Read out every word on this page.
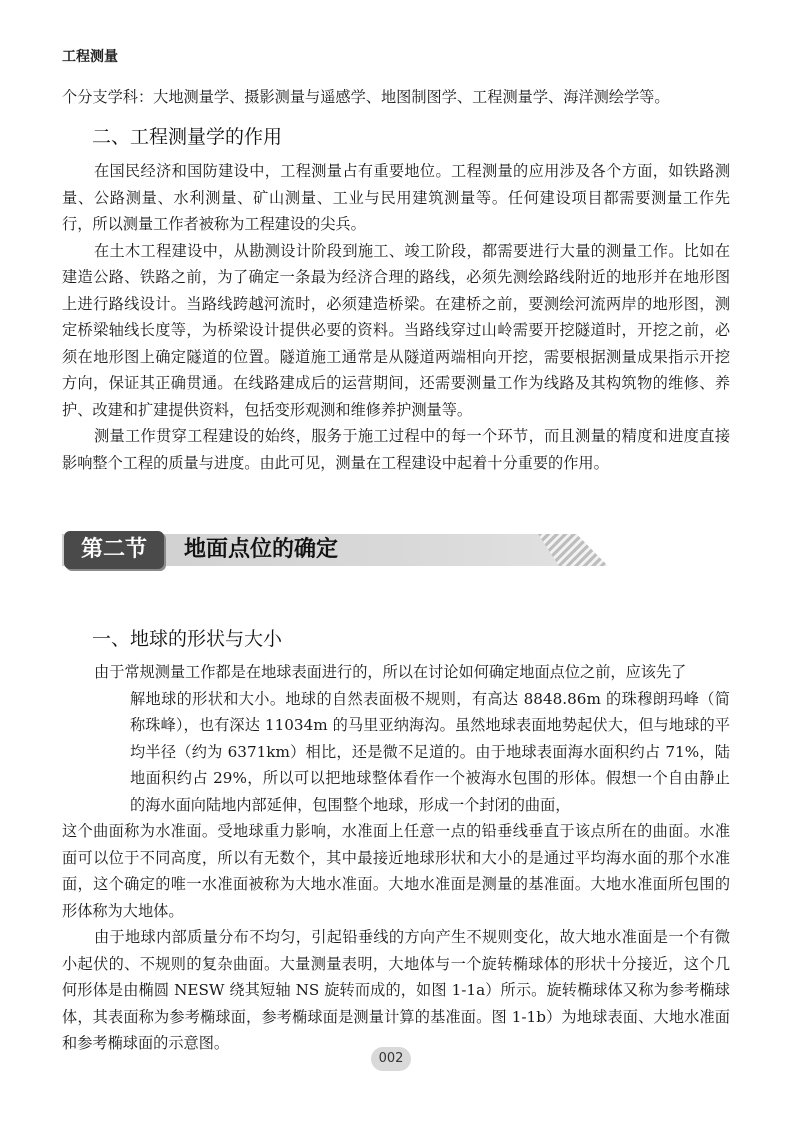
工程测量

个分支学科：大地测量学、摄影测量与遥感学、地图制图学、工程测量学、海洋测绘学等。

二、工程测量学的作用

在国民经济和国防建设中，工程测量占有重要地位。工程测量的应用涉及各个方面，如铁路测量、公路测量、水利测量、矿山测量、工业与民用建筑测量等。任何建设项目都需要测量工作先行，所以测量工作者被称为工程建设的尖兵。

在土木工程建设中，从勘测设计阶段到施工、竣工阶段，都需要进行大量的测量工作。比如在建造公路、铁路之前，为了确定一条最为经济合理的路线，必须先测绘路线附近的地形并在地形图上进行路线设计。当路线跨越河流时，必须建造桥梁。在建桥之前，要测绘河流两岸的地形图，测定桥梁轴线长度等，为桥梁设计提供必要的资料。当路线穿过山岭需要开挖隧道时，开挖之前，必须在地形图上确定隧道的位置。隧道施工通常是从隧道两端相向开挖，需要根据测量成果指示开挖方向，保证其正确贯通。在线路建成后的运营期间，还需要测量工作为线路及其构筑物的维修、养护、改建和扩建提供资料，包括变形观测和维修养护测量等。

测量工作贯穿工程建设的始终，服务于施工过程中的每一个环节，而且测量的精度和进度直接影响整个工程的质量与进度。由此可见，测量在工程建设中起着十分重要的作用。

第二节	地面点位的确定
一、地球的形状与大小

由于常规测量工作都是在地球表面进行的，所以在讨论如何确定地面点位之前，应该先了

解地球的形状和大小。地球的自然表面极不规则，有高达 8848.86m 的珠穆朗玛峰（简称珠峰），也有深达 11034m 的马里亚纳海沟。虽然地球表面地势起伏大，但与地球的平均半径（约为 6371km）相比，还是微不足道的。由于地球表面海水面积约占 71%，陆地面积约占 29%，所以可以把地球整体看作一个被海水包围的形体。假想一个自由静止的海水面向陆地内部延伸，包围整个地球，形成一个封闭的曲面，

这个曲面称为水准面。受地球重力影响，水准面上任意一点的铅垂线垂直于该点所在的曲面。水准面可以位于不同高度，所以有无数个，其中最接近地球形状和大小的是通过平均海水面的那个水准面，这个确定的唯一水准面被称为大地水准面。大地水准面是测量的基准面。大地水准面所包围的形体称为大地体。

由于地球内部质量分布不均匀，引起铅垂线的方向产生不规则变化，故大地水准面是一个有微小起伏的、不规则的复杂曲面。大量测量表明，大地体与一个旋转椭球体的形状十分接近，这个几何形体是由椭圆 NESW 绕其短轴 NS 旋转而成的，如图 1-1a）所示。旋转椭球体又称为参考椭球体，其表面称为参考椭球面，参考椭球面是测量计算的基准面。图 1-1b）为地球表面、大地水准面和参考椭球面的示意图。

002
